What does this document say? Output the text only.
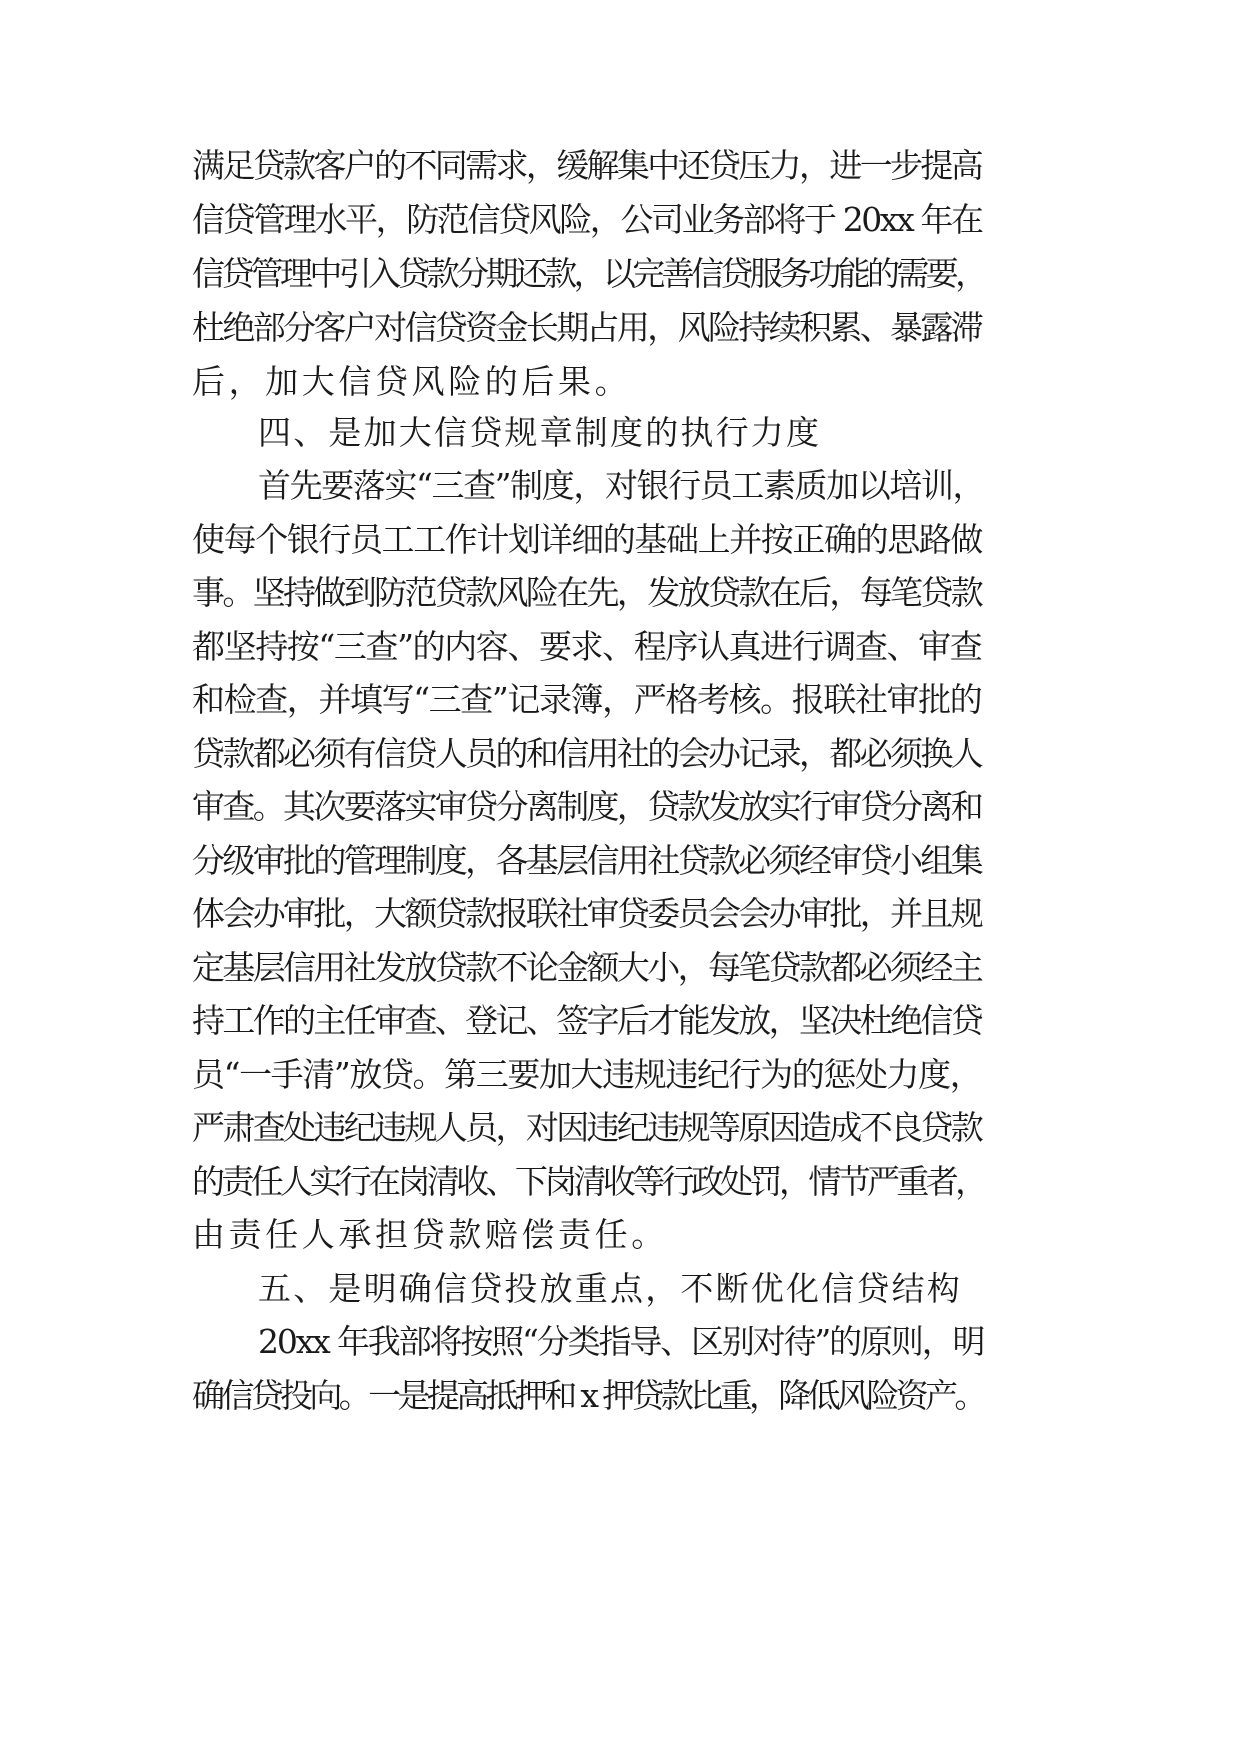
满足贷款客户的不同需求，缓解集中还贷压力，进一步提高
信贷管理水平，防范信贷风险，公司业务部将于 20xx 年在
信贷管理中引入贷款分期还款，以完善信贷服务功能的需要，
杜绝部分客户对信贷资金长期占用，风险持续积累、暴露滞
后，加大信贷风险的后果。
四、是加大信贷规章制度的执行力度
首先要落实“三查”制度，对银行员工素质加以培训，
使每个银行员工工作计划详细的基础上并按正确的思路做
事。坚持做到防范贷款风险在先，发放贷款在后，每笔贷款
都坚持按“三查”的内容、要求、程序认真进行调查、审查
和检查，并填写“三查”记录簿，严格考核。报联社审批的
贷款都必须有信贷人员的和信用社的会办记录，都必须换人
审查。其次要落实审贷分离制度，贷款发放实行审贷分离和
分级审批的管理制度，各基层信用社贷款必须经审贷小组集
体会办审批，大额贷款报联社审贷委员会会办审批，并且规
定基层信用社发放贷款不论金额大小，每笔贷款都必须经主
持工作的主任审查、登记、签字后才能发放，坚决杜绝信贷
员“一手清”放贷。第三要加大违规违纪行为的惩处力度，
严肃查处违纪违规人员，对因违纪违规等原因造成不良贷款
的责任人实行在岗清收、下岗清收等行政处罚，情节严重者，
由责任人承担贷款赔偿责任。
五、是明确信贷投放重点，不断优化信贷结构
20xx 年我部将按照“分类指导、区别对待”的原则，明
确信贷投向。一是提高抵押和 x 押贷款比重，降低风险资产。
